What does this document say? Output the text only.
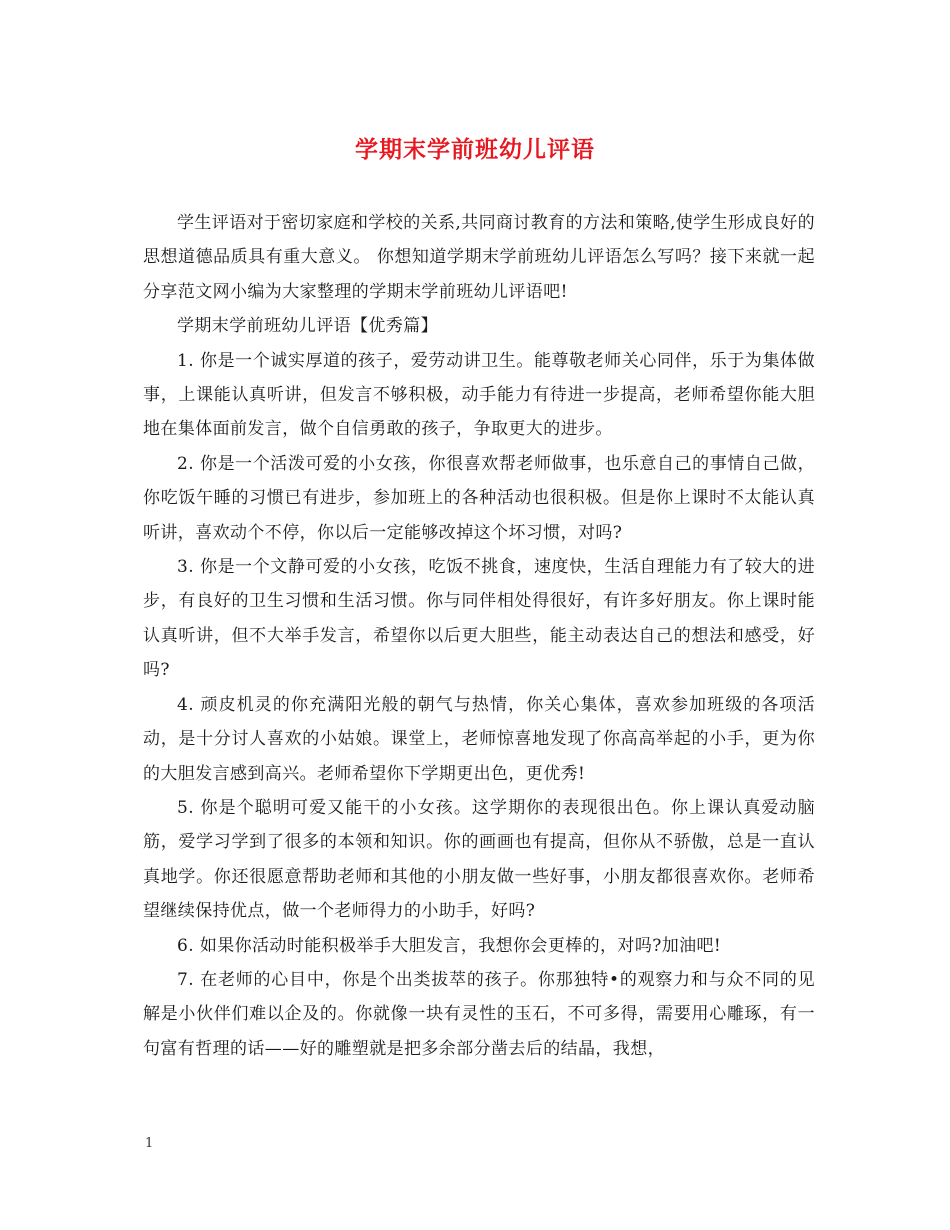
学期末学前班幼儿评语

学生评语对于密切家庭和学校的关系,共同商讨教育的方法和策略,使学生形成良好的思想道德品质具有重大意义。 你想知道学期末学前班幼儿评语怎么写吗？接下来就一起分享范文网小编为大家整理的学期末学前班幼儿评语吧!

学期末学前班幼儿评语【优秀篇】

1. 你是一个诚实厚道的孩子，爱劳动讲卫生。能尊敬老师关心同伴，乐于为集体做事，上课能认真听讲，但发言不够积极，动手能力有待进一步提高，老师希望你能大胆地在集体面前发言，做个自信勇敢的孩子，争取更大的进步。

2. 你是一个活泼可爱的小女孩，你很喜欢帮老师做事，也乐意自己的事情自己做，你吃饭午睡的习惯已有进步，参加班上的各种活动也很积极。但是你上课时不太能认真听讲，喜欢动个不停，你以后一定能够改掉这个坏习惯，对吗?

3. 你是一个文静可爱的小女孩，吃饭不挑食，速度快，生活自理能力有了较大的进步，有良好的卫生习惯和生活习惯。你与同伴相处得很好，有许多好朋友。你上课时能认真听讲，但不大举手发言，希望你以后更大胆些，能主动表达自己的想法和感受，好吗?

4. 顽皮机灵的你充满阳光般的朝气与热情，你关心集体，喜欢参加班级的各项活动，是十分讨人喜欢的小姑娘。课堂上，老师惊喜地发现了你高高举起的小手，更为你的大胆发言感到高兴。老师希望你下学期更出色，更优秀!

5. 你是个聪明可爱又能干的小女孩。这学期你的表现很出色。你上课认真爱动脑筋，爱学习学到了很多的本领和知识。你的画画也有提高，但你从不骄傲，总是一直认真地学。你还很愿意帮助老师和其他的小朋友做一些好事，小朋友都很喜欢你。老师希望继续保持优点，做一个老师得力的小助手，好吗?

6. 如果你活动时能积极举手大胆发言，我想你会更棒的，对吗?加油吧!

7. 在老师的心目中，你是个出类拔萃的孩子。你那独特•的观察力和与众不同的见解是小伙伴们难以企及的。你就像一块有灵性的玉石，不可多得，需要用心雕琢，有一句富有哲理的话——好的雕塑就是把多余部分凿去后的结晶，我想，

1
